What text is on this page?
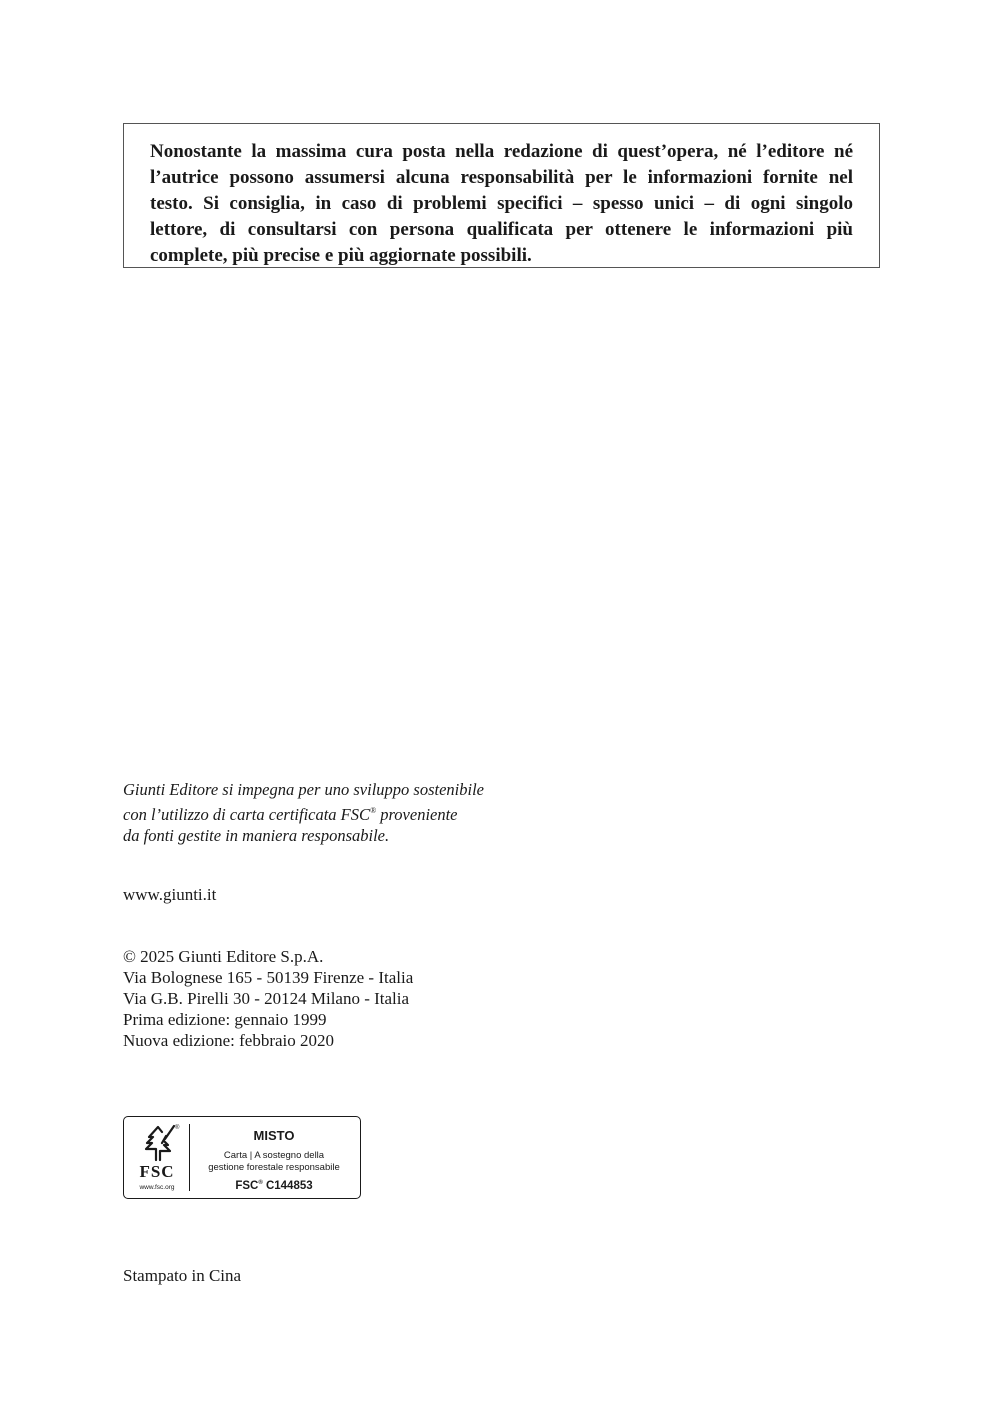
Nonostante la massima cura posta nella redazione di quest’opera, né l’editore né
l’autrice possono assumersi alcuna responsabilità per le informazioni fornite nel
testo. Si consiglia, in caso di problemi specifici – spesso unici – di ogni singolo
lettore, di consultarsi con persona qualificata per ottenere le informazioni più
complete, più precise e più aggiornate possibili.

Giunti Editore si impegna per uno sviluppo sostenibile
con l’utilizzo di carta certificata FSC® proveniente
da fonti gestite in maniera responsabile.

www.giunti.it

© 2025 Giunti Editore S.p.A.
Via Bolognese 165 - 50139 Firenze - Italia
Via G.B. Pirelli 30 - 20124 Milano - Italia
Prima edizione: gennaio 1999
Nuova edizione: febbraio 2020

®
FSC
www.fsc.org
MISTO
Carta | A sostegno della
gestione forestale responsabile
FSC® C144853

Stampato in Cina
